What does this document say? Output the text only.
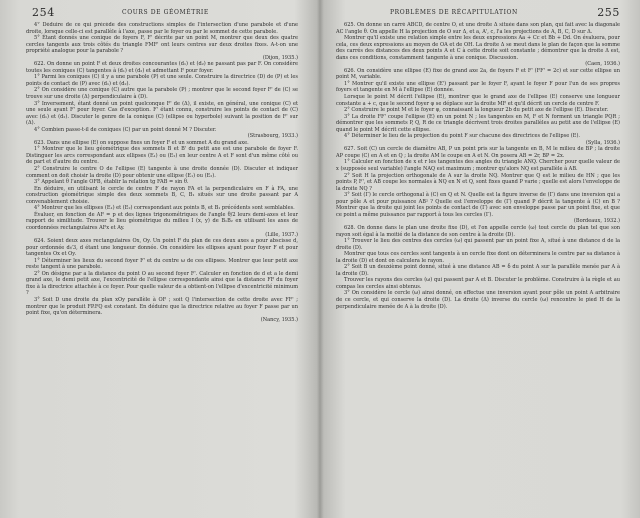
254	COURS DE GÉOMÉTRIE	PROBLÈMES DE RÉCAPITULATION	255

4° Déduire de ce qui précède des constructions simples de l'intersection d'une parabole et d'une droite, lorsque celle-ci est parallèle à l'axe, passe par le foyer ou par le sommet de cette parabole.

5° Étant donnés une conique de foyers F, F' décrite par un point M, montrer que deux des quatre cercles tangents aux trois côtés du triangle FMF' ont leurs centres sur deux droites fixes. A-t-on une propriété analogue pour la parabole ?

(Dijon, 1935.)

622. On donne un point F et deux droites concourantes (d₁) et (d₂) ne passant pas par F. On considère toutes les coniques (C) tangentes à (d₁) et (d₂) et admettant F pour foyer.

1° Parmi les coniques (C) il y a une parabole (P) et une seule. Construire la directrice (D) de (P) et les points de contact de (P) avec (d₁) et (d₂).

2° On considère une conique (C) autre que la parabole (P) ; montrer que le second foyer F' de (C) se trouve sur une droite (Δ) perpendiculaire à (D).

3° Inversement, étant donné un point quelconque F' de (Δ), il existe, en général, une conique (C) et une seule ayant F' pour foyer. Cas d'exception. F' étant connu, construire les points de contact de (C) avec (d₁) et (d₂). Discuter le genre de la conique (C) (ellipse ou hyperbole) suivant la position de F' sur (Δ).

4° Combien passe-t-il de coniques (C) par un point donné M ? Discuter.

(Strasbourg, 1933.)

623. Dans une ellipse (E) on suppose fixes un foyer F et un sommet A du grand axe.

1° Montrer que le lieu géométrique des sommets B et B' du petit axe est une parabole de foyer F. Distinguer les arcs correspondant aux ellipses (E₁) ou (E₂) en leur centre A et F sont d'un même côté ou de part et d'autre du centre.

2° Construire le centre O de l'ellipse (E) tangente à une droite donnée (D). Discuter et indiquer comment on doit choisir la droite (D) pour obtenir une ellipse (E₁) ou (E₂).

3° Appelant θ l'angle OFB, établir la relation tg FAB = sin θ.

En déduire, en utilisant le cercle de centre F de rayon FA et la perpendiculaire en F à FA, une construction géométrique simple des deux sommets B, C, B₁ situés sur une droite passant par A convenablement choisie.

4° Montrer que les ellipses (E₁) et (E₂) correspondant aux points B, et B₁ précédents sont semblables.

Évaluer, en fonction de AF = p et des lignes trigonométriques de l'angle θ/2 leurs demi-axes et leur rapport de similitude. Trouver le lieu géométrique du milieu I (x, y) de B₁B₂ en utilisant les axes de coordonnées rectangulaires AFx et Ay.

(Lille, 1937.)

624. Soient deux axes rectangulaires Ox, Oy. Un point F du plan de ces deux axes a pour abscisse d, pour ordonnée d√3, d étant une longueur donnée. On considère les ellipses ayant pour foyer F et pour tangentes Ox et Oy.

1° Déterminer les lieux du second foyer F' et du centre ω de ces ellipses. Montrer que leur petit axe reste tangent à une parabole.

2° On désigne par a la distance du point O au second foyer F'. Calculer en fonction de d et a le demi grand axe, le demi petit axe, l'excentricité de l'ellipse correspondante ainsi que la distance FF du foyer fixe à la directrice attachée à ce foyer. Pour quelle valeur de a obtient-on l'ellipse d'excentricité minimum ?

3° Soit D une droite du plan xOy parallèle à OF ; soit Q l'intersection de cette droite avec FF' ; montrer que le produit FP.FQ est constant. En déduire que la directrice relative au foyer F passe par un point fixe, qu'on déterminera.

(Nancy, 1935.)

625. On donne un carré ABCD, de centre O, et une droite Δ située dans son plan, qui fait avec la diagonale AC l'angle θ. On appelle H la projection de O sur Δ, et a, A', c, l'a les projections de A, B, C, D sur Δ.

Montrer qu'il existe une relation simple entre les deux expressions Aa + Cc et Bb + Dd. On évaluera, pour cela, ces deux expressions au moyen de OA et de OH. La droite Δ se meut dans le plan de façon que la somme des carrés des distances des deux points A et C à cette droite soit constante ; démontrer que la droite Δ est, dans ces conditions, constamment tangente à une conique. Discussion.

(Caen, 1936.)

626. On considère une ellipse (E) fixe de grand axe 2a, de foyers F et F' (FF' = 2c) et sur cette ellipse un point M, variable.

1° Montrer qu'il existe une ellipse (E') passant par le foyer F, ayant le foyer F pour l'un de ses propres foyers et tangente en M à l'ellipse (E) donnée.

Lorsque le point M décrit l'ellipse (E), montrer que le grand axe de l'ellipse (E) conserve une longueur constante a + c, que le second foyer φ se déplace sur la droite MF et qu'il décrit un cercle de centre F.

2° Construire le point M et le foyer φ, connaissant la longueur 2b du petit axe de l'ellipse (E). Discuter.

3° La droite FF' coupe l'ellipse (E) en un point N ; les tangentes en M, F et N forment un triangle PQR ; démontrer que les sommets P, Q, R de ce triangle décrivent trois droites parallèles au petit axe de l'ellipse (E) quand le point M décrit cette ellipse.

4° Déterminer le lieu de la projection du point F sur chacune des directrices de l'ellipse (E).

(Sylla, 1936.)

627. Soit (C) un cercle de diamètre AB, P un point pris sur la tangente en B, M le milieu de BP ; la droite AP coupe (C) en A et en Q ; la droite AM le coupe en A et N. On posera AB = 2r, BP = 2x.

1° Calculer en fonction de x et r les tangentes des angles du triangle ANQ. Chercher pour quelle valeur de x (supposée seul variable) l'angle NAQ est maximum ; montrer qu'alors NQ est parallèle à AB.

2° Soit H la projection orthogonale de A sur la droite NQ. Montrer que Q est le milieu de HN ; que les points P, F', et AB coupe les normales à NQ en N et Q, sont fixes quand P varie ; quelle est alors l'enveloppe de la droite NQ ?

3° Soit (Γ) le cercle orthogonal à (C) en Q et N. Quelle est la figure inverse de (Γ) dans une inversion qui a pour pôle A et pour puissance AB² ? Quelle est l'enveloppe de (Γ) quand P décrit la tangente à (C) en B ? Montrer que la droite qui joint les points de contact de (Γ) avec son enveloppe passe par un point fixe, et que ce point a même puissance par rapport à tous les cercles (Γ).

(Bordeaux, 1932.)

628. On donne dans le plan une droite fixe (D), et l'on appelle cercle (ω) tout cercle du plan tel que son rayon soit égal à la moitié de la distance de son centre à la droite (D).

1° Trouver le lieu des centres des cercles (ω) qui passent par un point fixe A, situé à une distance d de la droite (D).

Montrer que tous ces cercles sont tangents à un cercle fixe dont on déterminera le centre par sa distance à la droite (D) et dont on calculera le rayon.

2° Soit B un deuxième point donné, situé à une distance AB = δ du point A sur la parallèle menée par A à la droite (D).

Trouver les rayons des cercles (ω) qui passent par A et B. Discuter le problème. Construire à la règle et au compas les cercles ainsi obtenus.

3° On considère le cercle (ω) ainsi donné, on effectue une inversion ayant pour pôle un point A arbitraire de ce cercle, et qui conserve la droite (D). La droite (Δ) inverse du cercle (ω) rencontre le pied H de la perpendiculaire menée de A à la droite (D).
